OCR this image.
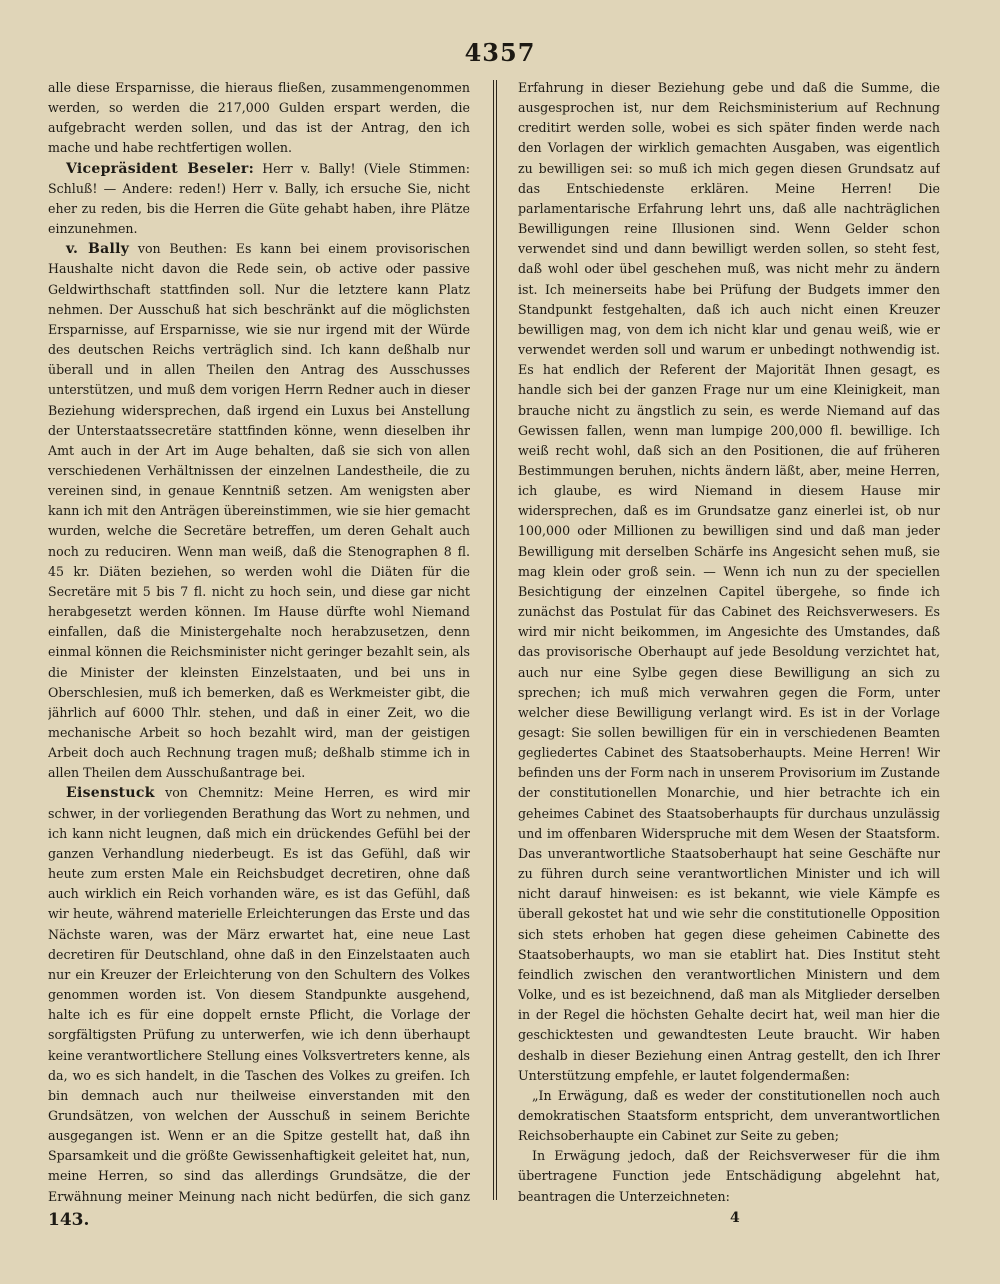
4357

alle diese Ersparnisse, die hieraus fließen, zusammengenommen werden, so werden die 217,000 Gulden erspart werden, die aufgebracht werden sollen, und das ist der Antrag, den ich mache und habe rechtfertigen wollen.

Vicepräsident Beseler: Herr v. Bally! (Viele Stimmen: Schluß! — Andere: reden!) Herr v. Bally, ich ersuche Sie, nicht eher zu reden, bis die Herren die Güte gehabt haben, ihre Plätze einzunehmen.

v. Bally von Beuthen: Es kann bei einem provisorischen Haushalte nicht davon die Rede sein, ob active oder passive Geldwirthschaft stattfinden soll. Nur die letztere kann Platz nehmen. Der Ausschuß hat sich beschränkt auf die möglichsten Ersparnisse, auf Ersparnisse, wie sie nur irgend mit der Würde des deutschen Reichs verträglich sind. Ich kann deßhalb nur überall und in allen Theilen den Antrag des Ausschusses unterstützen, und muß dem vorigen Herrn Redner auch in dieser Beziehung widersprechen, daß irgend ein Luxus bei Anstellung der Unterstaatssecretäre stattfinden könne, wenn dieselben ihr Amt auch in der Art im Auge behalten, daß sie sich von allen verschiedenen Verhältnissen der einzelnen Landestheile, die zu vereinen sind, in genaue Kenntniß setzen. Am wenigsten aber kann ich mit den Anträgen übereinstimmen, wie sie hier gemacht wurden, welche die Secretäre betreffen, um deren Gehalt auch noch zu reduciren. Wenn man weiß, daß die Stenographen 8 fl. 45 kr. Diäten beziehen, so werden wohl die Diäten für die Secretäre mit 5 bis 7 fl. nicht zu hoch sein, und diese gar nicht herabgesetzt werden können. Im Hause dürfte wohl Niemand einfallen, daß die Ministergehalte noch herabzusetzen, denn einmal können die Reichsminister nicht geringer bezahlt sein, als die Minister der kleinsten Einzelstaaten, und bei uns in Oberschlesien, muß ich bemerken, daß es Werkmeister gibt, die jährlich auf 6000 Thlr. stehen, und daß in einer Zeit, wo die mechanische Arbeit so hoch bezahlt wird, man der geistigen Arbeit doch auch Rechnung tragen muß; deßhalb stimme ich in allen Theilen dem Ausschußantrage bei.

Eisenstuck von Chemnitz: Meine Herren, es wird mir schwer, in der vorliegenden Berathung das Wort zu nehmen, und ich kann nicht leugnen, daß mich ein drückendes Gefühl bei der ganzen Verhandlung niederbeugt. Es ist das Gefühl, daß wir heute zum ersten Male ein Reichsbudget decretiren, ohne daß auch wirklich ein Reich vorhanden wäre, es ist das Gefühl, daß wir heute, während materielle Erleichterungen das Erste und das Nächste waren, was der März erwartet hat, eine neue Last decretiren für Deutschland, ohne daß in den Einzelstaaten auch nur ein Kreuzer der Erleichterung von den Schultern des Volkes genommen worden ist. Von diesem Standpunkte ausgehend, halte ich es für eine doppelt ernste Pflicht, die Vorlage der sorgfältigsten Prüfung zu unterwerfen, wie ich denn überhaupt keine verantwortlichere Stellung eines Volksvertreters kenne, als da, wo es sich handelt, in die Taschen des Volkes zu greifen. Ich bin demnach auch nur theilweise einverstanden mit den Grundsätzen, von welchen der Ausschuß in seinem Berichte ausgegangen ist. Wenn er an die Spitze gestellt hat, daß ihn Sparsamkeit und die größte Gewissenhaftigkeit geleitet hat, nun, meine Herren, so sind das allerdings Grundsätze, die der Erwähnung meiner Meinung nach nicht bedürfen, die sich ganz

Erfahrung in dieser Beziehung gebe und daß die Summe, die ausgesprochen ist, nur dem Reichsministerium auf Rechnung creditirt werden solle, wobei es sich später finden werde nach den Vorlagen der wirklich gemachten Ausgaben, was eigentlich zu bewilligen sei: so muß ich mich gegen diesen Grundsatz auf das Entschiedenste erklären. Meine Herren! Die parlamentarische Erfahrung lehrt uns, daß alle nachträglichen Bewilligungen reine Illusionen sind. Wenn Gelder schon verwendet sind und dann bewilligt werden sollen, so steht fest, daß wohl oder übel geschehen muß, was nicht mehr zu ändern ist. Ich meinerseits habe bei Prüfung der Budgets immer den Standpunkt festgehalten, daß ich auch nicht einen Kreuzer bewilligen mag, von dem ich nicht klar und genau weiß, wie er verwendet werden soll und warum er unbedingt nothwendig ist. Es hat endlich der Referent der Majorität Ihnen gesagt, es handle sich bei der ganzen Frage nur um eine Kleinigkeit, man brauche nicht zu ängstlich zu sein, es werde Niemand auf das Gewissen fallen, wenn man lumpige 200,000 fl. bewillige. Ich weiß recht wohl, daß sich an den Positionen, die auf früheren Bestimmungen beruhen, nichts ändern läßt, aber, meine Herren, ich glaube, es wird Niemand in diesem Hause mir widersprechen, daß es im Grundsatze ganz einerlei ist, ob nur 100,000 oder Millionen zu bewilligen sind und daß man jeder Bewilligung mit derselben Schärfe ins Angesicht sehen muß, sie mag klein oder groß sein. — Wenn ich nun zu der speciellen Besichtigung der einzelnen Capitel übergehe, so finde ich zunächst das Postulat für das Cabinet des Reichsverwesers. Es wird mir nicht beikommen, im Angesichte des Umstandes, daß das provisorische Oberhaupt auf jede Besoldung verzichtet hat, auch nur eine Sylbe gegen diese Bewilligung an sich zu sprechen; ich muß mich verwahren gegen die Form, unter welcher diese Bewilligung verlangt wird. Es ist in der Vorlage gesagt: Sie sollen bewilligen für ein in verschiedenen Beamten gegliedertes Cabinet des Staatsoberhaupts. Meine Herren! Wir befinden uns der Form nach in unserem Provisorium im Zustande der constitutionellen Monarchie, und hier betrachte ich ein geheimes Cabinet des Staatsoberhaupts für durchaus unzulässig und im offenbaren Widerspruche mit dem Wesen der Staatsform. Das unverantwortliche Staatsoberhaupt hat seine Geschäfte nur zu führen durch seine verantwortlichen Minister und ich will nicht darauf hinweisen: es ist bekannt, wie viele Kämpfe es überall gekostet hat und wie sehr die constitutionelle Opposition sich stets erhoben hat gegen diese geheimen Cabinette des Staatsoberhaupts, wo man sie etablirt hat. Dies Institut steht feindlich zwischen den verantwortlichen Ministern und dem Volke, und es ist bezeichnend, daß man als Mitglieder derselben in der Regel die höchsten Gehalte decirt hat, weil man hier die geschicktesten und gewandtesten Leute braucht. Wir haben deshalb in dieser Beziehung einen Antrag gestellt, den ich Ihrer Unterstützung empfehle, er lautet folgendermaßen:

„In Erwägung, daß es weder der constitutionellen noch auch demokratischen Staatsform entspricht, dem unverantwortlichen Reichsoberhaupte ein Cabinet zur Seite zu geben;

In Erwägung jedoch, daß der Reichsverweser für die ihm übertragene Function jede Entschädigung abgelehnt hat, beantragen die Unterzeichneten:

143.	4
